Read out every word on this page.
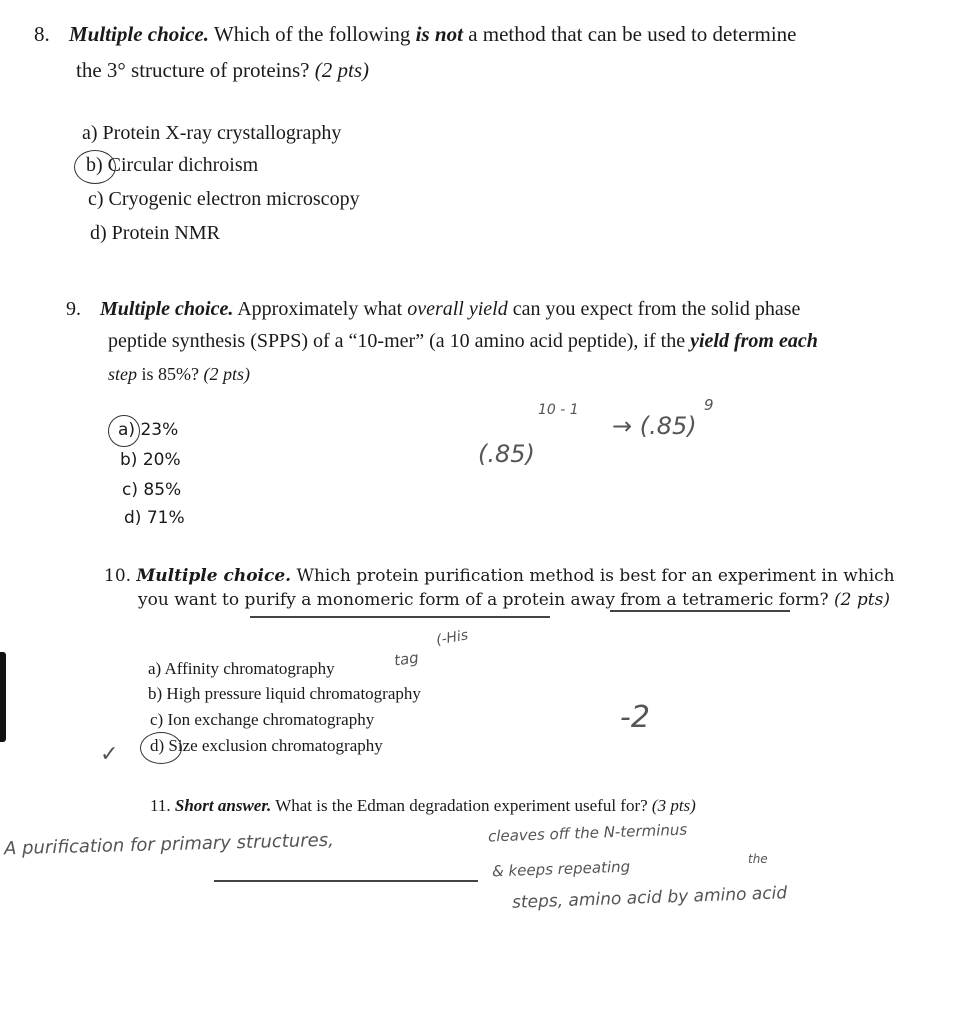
8. Multiple choice. Which of the following is not a method that can be used to determine
the 3° structure of proteins? (2 pts)
a) Protein X-ray crystallography
b) Circular dichroism
c) Cryogenic electron microscopy
d) Protein NMR
9. Multiple choice. Approximately what overall yield can you expect from the solid phase
peptide synthesis (SPPS) of a “10-mer” (a 10 amino acid peptide), if the yield from each
step is 85%? (2 pts)
a) 23%
b) 20%
c) 85%
d) 71%
(.85)
10 - 1
→ (.85)
9
10. Multiple choice. Which protein purification method is best for an experiment in which
you want to purify a monomeric form of a protein away from a tetrameric form? (2 pts)
tag
(-His
a) Affinity chromatography
b) High pressure liquid chromatography
c) Ion exchange chromatography
d) Size exclusion chromatography
✓
-2
11. Short answer. What is the Edman degradation experiment useful for? (3 pts)
A purification for primary structures,	cleaves off the N-terminus
& keeps repeating	the
steps, amino acid by amino acid
